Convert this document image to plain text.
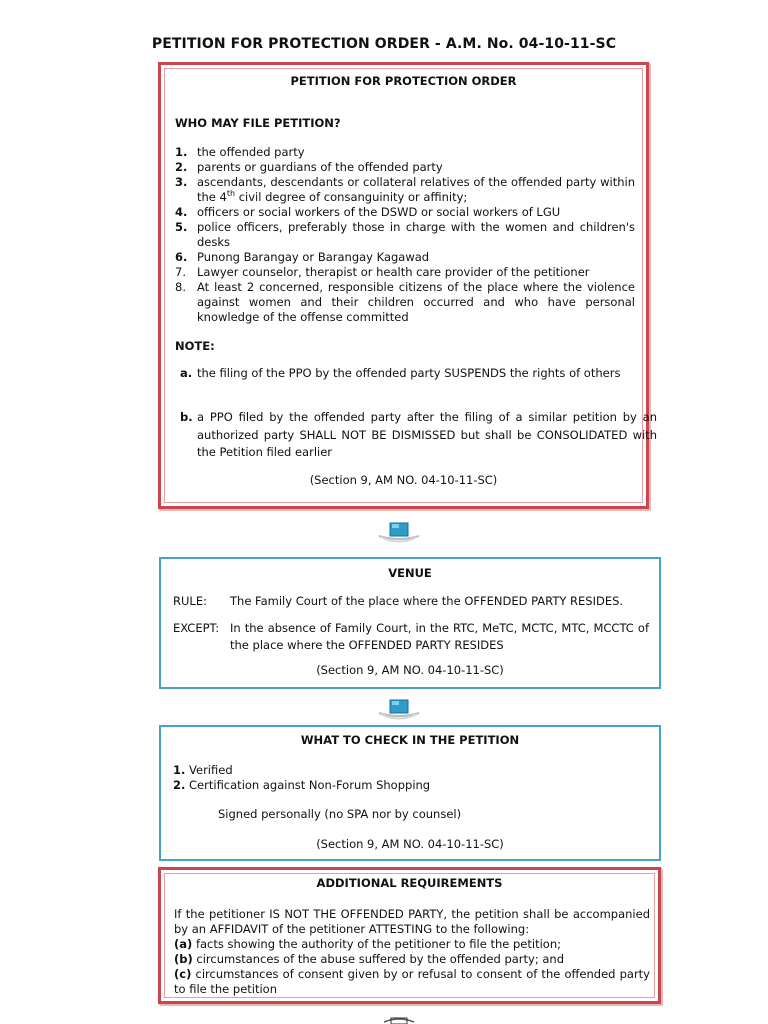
PETITION FOR PROTECTION ORDER - A.M. No. 04-10-11-SC
PETITION FOR PROTECTION ORDER
WHO MAY FILE PETITION?
1. the offended party
2. parents or guardians of the offended party
3. ascendants, descendants or collateral relatives of the offended party within the 4th civil degree of consanguinity or affinity;
4. officers or social workers of the DSWD or social workers of LGU
5. police officers, preferably those in charge with the women and children's desks
6. Punong Barangay or Barangay Kagawad
7. Lawyer counselor, therapist or health care provider of the petitioner
8. At least 2 concerned, responsible citizens of the place where the violence against women and their children occurred and who have personal knowledge of the offense committed
NOTE:
a. the filing of the PPO by the offended party SUSPENDS the rights of others
b. a PPO filed by the offended party after the filing of a similar petition by an authorized party SHALL NOT BE DISMISSED but shall be CONSOLIDATED with the Petition filed earlier
(Section 9, AM NO. 04-10-11-SC)
VENUE
RULE: The Family Court of the place where the OFFENDED PARTY RESIDES.
EXCEPT: In the absence of Family Court, in the RTC, MeTC, MCTC, MTC, MCCTC of the place where the OFFENDED PARTY RESIDES
(Section 9, AM NO. 04-10-11-SC)
WHAT TO CHECK IN THE PETITION
1. Verified
2. Certification against Non-Forum Shopping
Signed personally (no SPA nor by counsel)
(Section 9, AM NO. 04-10-11-SC)
ADDITIONAL REQUIREMENTS
If the petitioner IS NOT THE OFFENDED PARTY, the petition shall be accompanied by an AFFIDAVIT of the petitioner ATTESTING to the following:
(a) facts showing the authority of the petitioner to file the petition;
(b) circumstances of the abuse suffered by the offended party; and
(c) circumstances of consent given by or refusal to consent of the offended party to file the petition
